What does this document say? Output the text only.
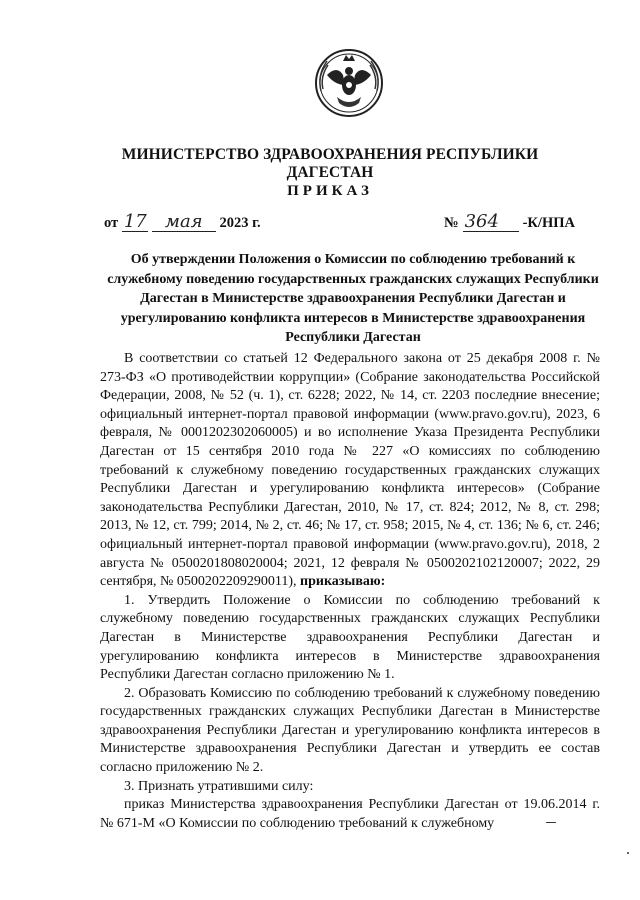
МИНИСТЕРСТВО ЗДРАВООХРАНЕНИЯ РЕСПУБЛИКИ ДАГЕСТАН
ПРИКАЗ
от 17 мая 2023 г.	№ 364 -К/НПА
Об утверждении Положения о Комиссии по соблюдению требований к служебному поведению государственных гражданских служащих Республики Дагестан в Министерстве здравоохранения Республики Дагестан и урегулированию конфликта интересов в Министерстве здравоохранения Республики Дагестан

В соответствии со статьей 12 Федерального закона от 25 декабря 2008 г. № 273-ФЗ «О противодействии коррупции» (Собрание законодательства Российской Федерации, 2008, № 52 (ч. 1), ст. 6228; 2022, № 14, ст. 2203 последние внесение; официальный интернет-портал правовой информации (www.pravo.gov.ru), 2023, 6 февраля, № 0001202302060005) и во исполнение Указа Президента Республики Дагестан от 15 сентября 2010 года № 227 «О комиссиях по соблюдению требований к служебному поведению государственных гражданских служащих Республики Дагестан и урегулированию конфликта интересов» (Собрание законодательства Республики Дагестан, 2010, № 17, ст. 824; 2012, № 8, ст. 298; 2013, № 12, ст. 799; 2014, № 2, ст. 46; № 17, ст. 958; 2015, № 4, ст. 136; № 6, ст. 246; официальный интернет-портал правовой информации (www.pravo.gov.ru), 2018, 2 августа № 0500201808020004; 2021, 12 февраля № 0500202102120007; 2022, 29 сентября, № 0500202209290011), приказываю:

1. Утвердить Положение о Комиссии по соблюдению требований к служебному поведению государственных гражданских служащих Республики Дагестан в Министерстве здравоохранения Республики Дагестан и урегулированию конфликта интересов в Министерстве здравоохранения Республики Дагестан согласно приложению № 1.

2. Образовать Комиссию по соблюдению требований к служебному поведению государственных гражданских служащих Республики Дагестан в Министерстве здравоохранения Республики Дагестан и урегулированию конфликта интересов в Министерстве здравоохранения Республики Дагестан и утвердить ее состав согласно приложению № 2.

3. Признать утратившими силу:

приказ Министерства здравоохранения Республики Дагестан от 19.06.2014 г. № 671-М «О Комиссии по соблюдению требований к служебному
